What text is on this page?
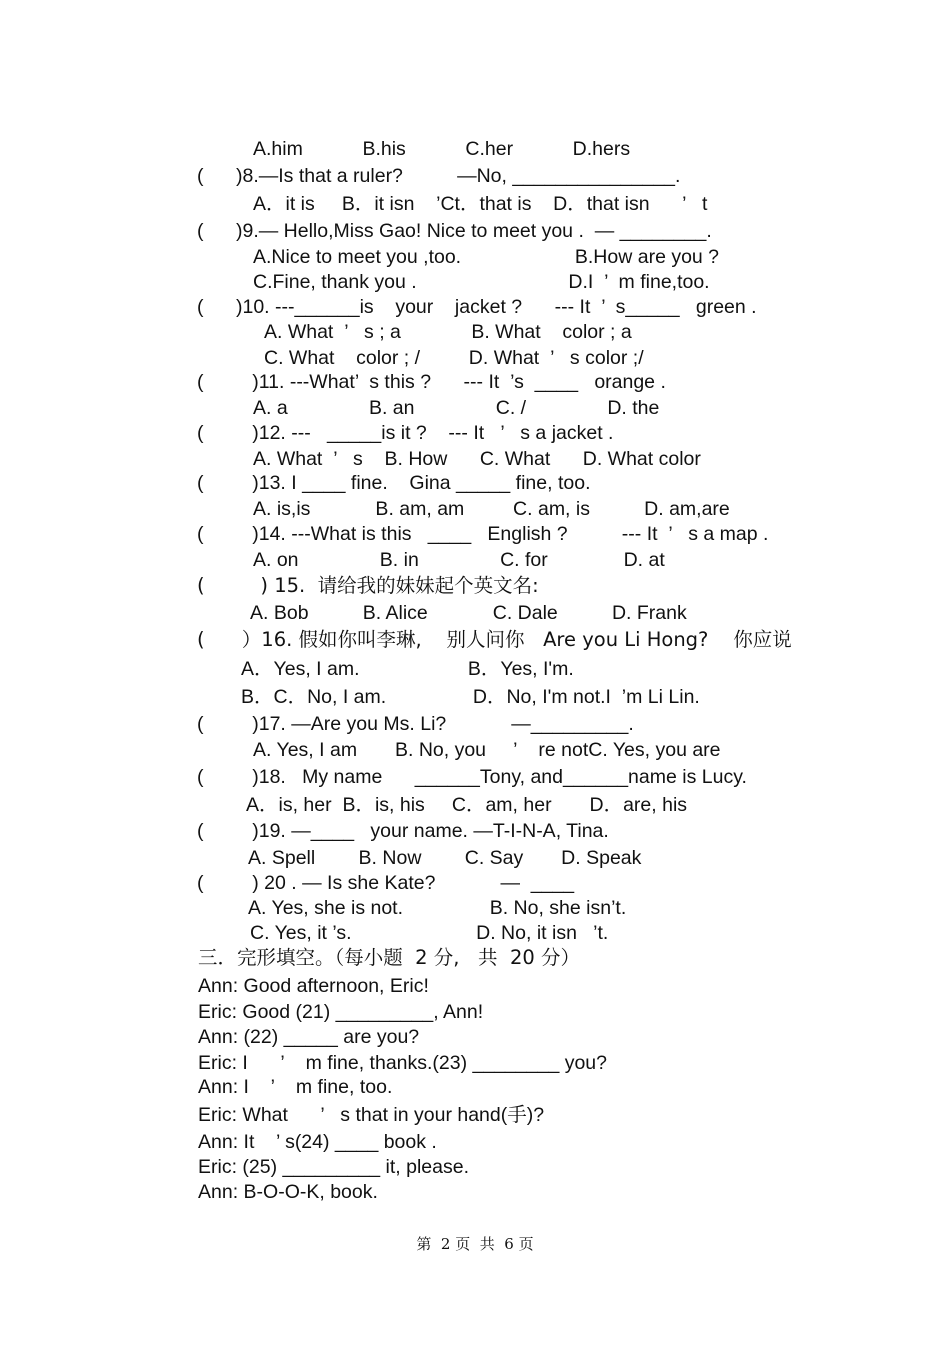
A.him           B.his           C.her           D.hers
(      )8.—Is that a ruler?          —No, _______________.
A．it is     B．it isn    ’Ct．that is    D．that isn      ’   t
(      )9.— Hello,Miss Gao! Nice to meet you .  — ________.
A.Nice to meet you ,too.                     B.How are you ?
C.Fine, thank you .                            D.I  ’  m fine,too.
(      )10. ---______is    your    jacket ?      --- It  ’  s_____   green .
A. What  ’   s ; a             B. What    color ; a
C. What    color ; /         D. What  ’   s color ;/
(         )11. ---What’  s this ?      --- It  ’s  ____   orange .
A. a               B. an               C. /               D. the
(         )12. ---   _____is it ?    --- It   ’   s a jacket .
A. What  ’   s    B. How      C. What      D. What color
(         )13. I ____ fine.    Gina _____ fine, too.
A. is,is            B. am, am         C. am, is          D. am,are
(         )14. ---What is this   ____   English ?          --- It  ’   s a map .
A. on               B. in               C. for              D. at
(         ) 15.  请给我的妹妹起个英文名:
A. Bob          B. Alice            C. Dale          D. Frank
(      ）16. 假如你叫李琳,    别人问你   Are you Li Hong?    你应说
A．Yes, I am.                    B．Yes, I'm.
B．C．No, I am.                D．No, I'm not.I  ’m Li Lin.
(         )17. —Are you Ms. Li?            —_________.
A. Yes, I am       B. No, you     ’    re notC. Yes, you are
(         )18.   My name      ______Tony, and______name is Lucy.
A．is, her  B．is, his     C．am, her       D．are, his
(         )19. —____   your name. —T-I-N-A, Tina.
A. Spell        B. Now        C. Say       D. Speak
(         ) 20 . — Is she Kate?            —  ____
A. Yes, she is not.                B. No, she isn’t.
C. Yes, it ’s.                       D. No, it isn   ’t.
三．完形填空。（每小题  2 分,   共  20 分）
Ann: Good afternoon, Eric!
Eric: Good (21) _________, Ann!
Ann: (22) _____ are you?
Eric: I      ’    m fine, thanks.(23) ________ you?
Ann: I    ’    m fine, too.
Eric: What      ’   s that in your hand(手)?
Ann: It    ’ s(24) ____ book .
Eric: (25) _________ it, please.
Ann: B-O-O-K, book.
第  2 页  共  6 页
